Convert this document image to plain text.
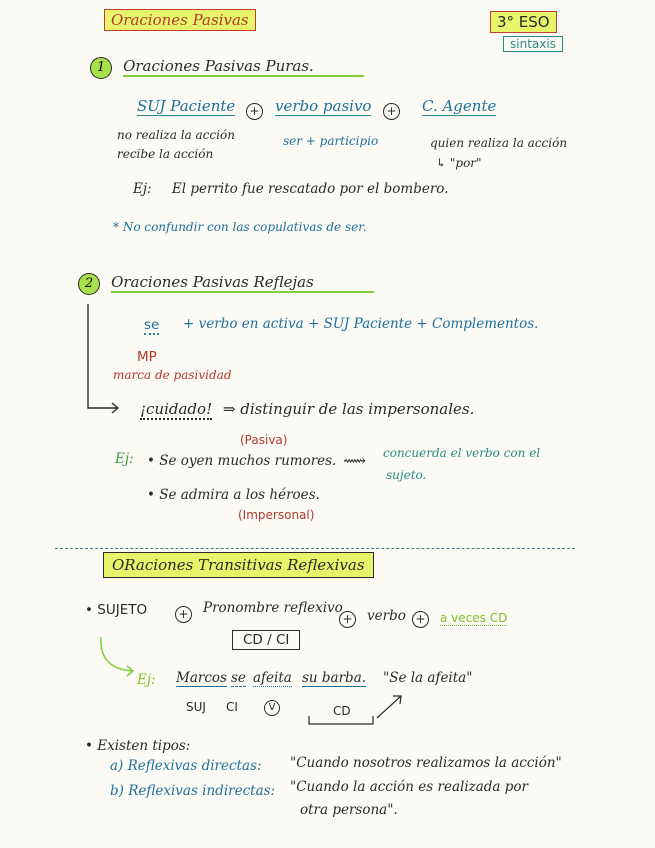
Oraciones Pasivas	3° ESO
sintaxis
1 Oraciones Pasivas Puras.
SUJ Paciente + verbo pasivo + C. Agente
no realiza la acción
recibe la acción
ser + participio	quien realiza la acción
↳ "por"
Ej: El perrito fue rescatado por el bombero.
* No confundir con las copulativas de ser.
2 Oraciones Pasivas Reflejas
se + verbo en activa + SUJ Paciente + Complementos.
MP
marca de pasividad
¡cuidado! ⇒ distinguir de las impersonales.
(Pasiva)
Ej: • Se oyen muchos rumores. ⟿ concuerda el verbo con el
sujeto.
• Se admira a los héroes.
(Impersonal)
ORaciones Transitivas Reflexivas
• SUJETO	+ Pronombre reflexivo
+ verbo + a veces CD
CD / CI
Ej: Marcos se afeita su barba. "Se la afeita"
SUJ CI	V	CD
• Existen tipos:
a) Reflexivas directas: "Cuando nosotros realizamos la acción"
b) Reflexivas indirectas: "Cuando la acción es realizada por
otra persona".
